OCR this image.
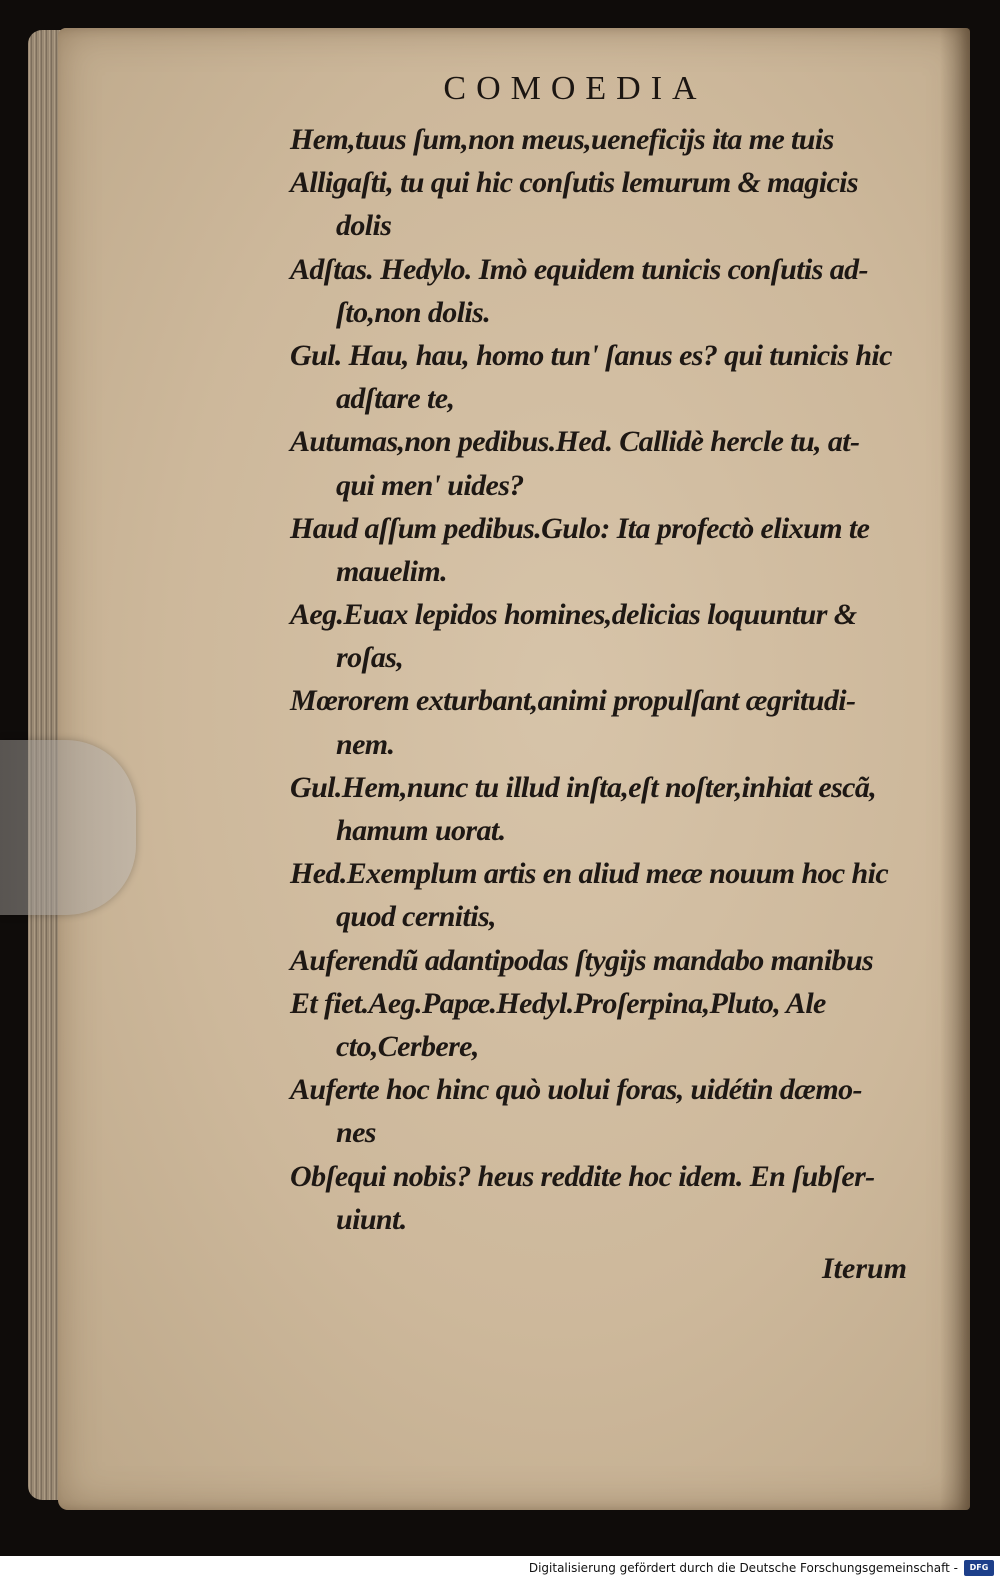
COMOEDIA
Hem,tuus ſum,non meus,ueneficijs ita me tuis
Alligaſti, tu qui hic conſutis lemurum & magicis
dolis
Adſtas. Hedylo. Imò equidem tunicis conſutis ad-
ſto,non dolis.
Gul. Hau, hau, homo tun' ſanus es? qui tunicis hic
adſtare te,
Autumas,non pedibus.Hed. Callidè hercle tu, at-
qui men' uides?
Haud aſſum pedibus.Gulo: Ita profectò elixum te
mauelim.
Aeg.Euax lepidos homines,delicias loquuntur &
roſas,
Mœrorem exturbant,animi propulſant ægritudi-
nem.
Gul.Hem,nunc tu illud inſta,eſt noſter,inhiat escã,
hamum uorat.
Hed.Exemplum artis en aliud meæ nouum hoc hic
quod cernitis,
Auferendũ adantipodas ſtygijs mandabo manibus
Et fiet.Aeg.Papæ.Hedyl.Proſerpina,Pluto, Ale
cto,Cerbere,
Auferte hoc hinc quò uolui foras, uidétin dæmo-
nes
Obſequi nobis? heus reddite hoc idem. En ſubſer-
uiunt.
Iterum
Digitalisierung gefördert durch die Deutsche Forschungsgemeinschaft -	DFG
